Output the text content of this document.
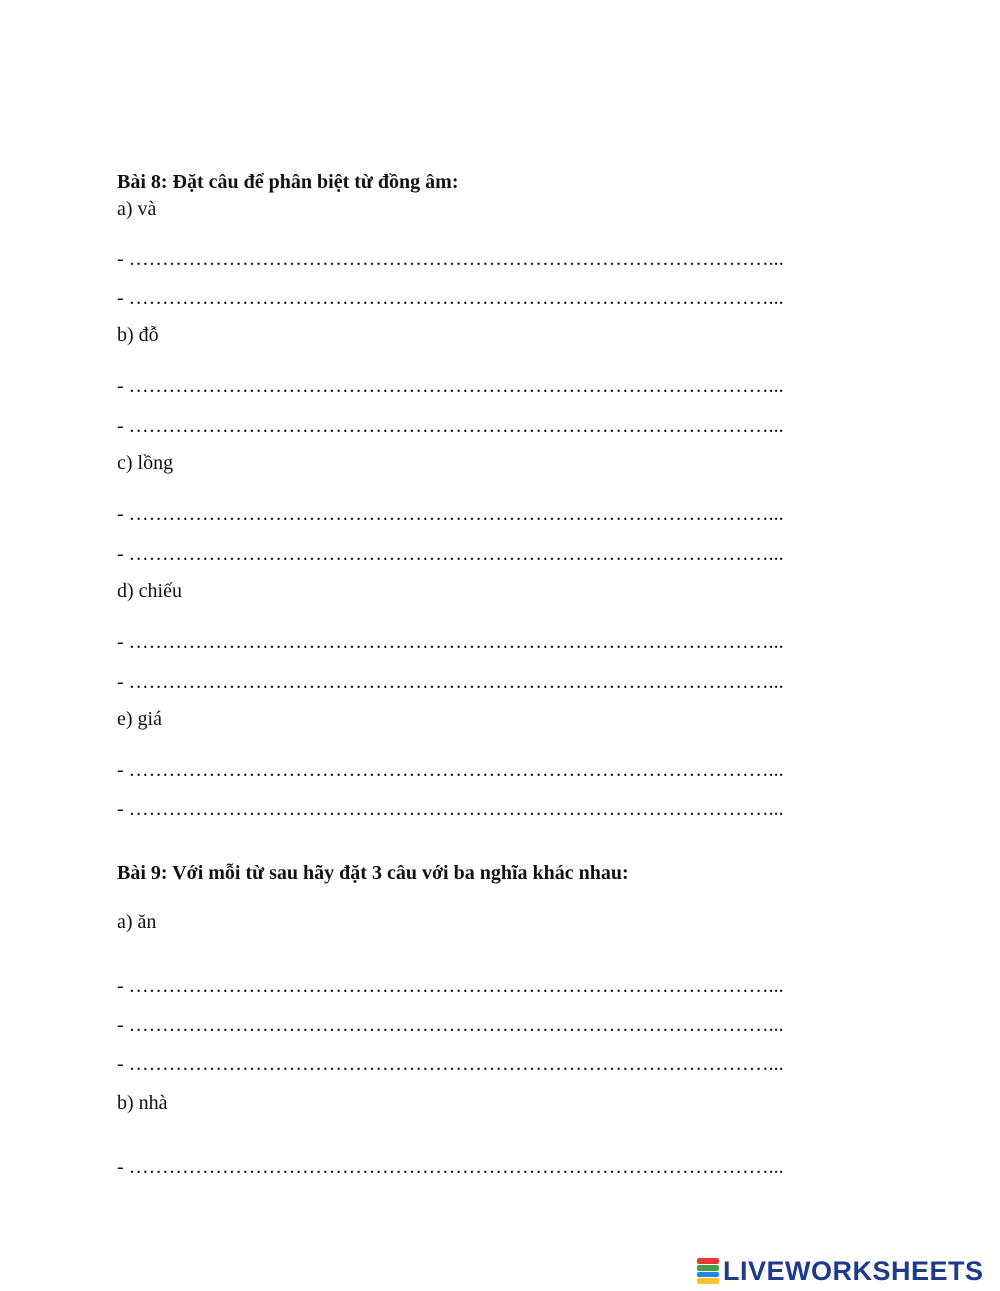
Bài 8: Đặt câu để phân biệt từ đồng âm:
a) và
- ……………………………………………………………………………………...
- ……………………………………………………………………………………...
b) đỗ
- ……………………………………………………………………………………...
- ……………………………………………………………………………………...
c) lồng
- ……………………………………………………………………………………...
- ……………………………………………………………………………………...
d) chiếu
- ……………………………………………………………………………………...
- ……………………………………………………………………………………...
e) giá
- ……………………………………………………………………………………...
- ……………………………………………………………………………………...
Bài 9: Với mỗi từ sau hãy đặt 3 câu với ba nghĩa khác nhau:
a) ăn
- ……………………………………………………………………………………...
- ……………………………………………………………………………………...
- ……………………………………………………………………………………...
b) nhà
- ……………………………………………………………………………………...
LIVEWORKSHEETS
